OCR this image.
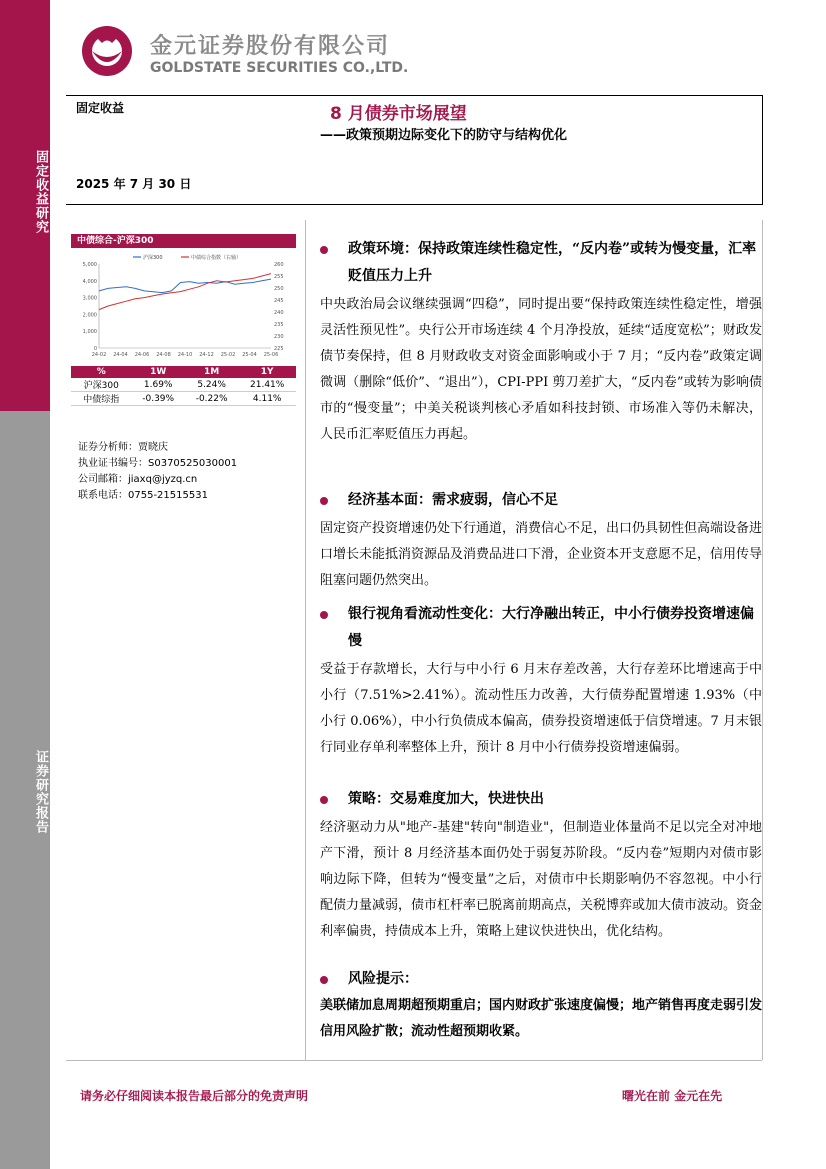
固定收益研究
证券研究报告
金元证券股份有限公司
GOLDSTATE SECURITIES CO.,LTD.
固定收益
2025 年 7 月 30 日
8 月债券市场展望
——政策预期边际变化下的防守与结构优化
中债综合-沪深300
5,000
4,000
3,000
2,000
1,000
0
260
255
250
245
240
235
230
225
24-02 24-04 24-06 24-08 24-10 24-12 25-02 25-04 25-06
沪深300	中债综合指数（右轴）
%	1W	1M	1Y
沪深300	1.69%	5.24%	21.41%
中债综指	-0.39%	-0.22%	4.11%
证券分析师：贾晓庆
执业证书编号：S0370525030001
公司邮箱：jiaxq@jyzq.cn
联系电话：0755-21515531
政策环境：保持政策连续性稳定性，“反内卷”或转为慢变量，汇率贬值压力上升
中央政治局会议继续强调“四稳”，同时提出要“保持政策连续性稳定性，增强灵活性预见性”。央行公开市场连续 4 个月净投放，延续“适度宽松”；财政发债节奏保持，但 8 月财政收支对资金面影响或小于 7 月；“反内卷”政策定调微调（删除“低价”、“退出”），CPI-PPI 剪刀差扩大，“反内卷”或转为影响债市的“慢变量”；中美关税谈判核心矛盾如科技封锁、市场准入等仍未解决，人民币汇率贬值压力再起。
经济基本面：需求疲弱，信心不足
固定资产投资增速仍处下行通道，消费信心不足，出口仍具韧性但高端设备进口增长未能抵消资源品及消费品进口下滑，企业资本开支意愿不足，信用传导阻塞问题仍然突出。
银行视角看流动性变化：大行净融出转正，中小行债券投资增速偏慢
受益于存款增长，大行与中小行 6 月末存差改善，大行存差环比增速高于中小行（7.51%>2.41%）。流动性压力改善，大行债券配置增速 1.93%（中小行 0.06%），中小行负债成本偏高，债券投资增速低于信贷增速。7 月末银行同业存单利率整体上升，预计 8 月中小行债券投资增速偏弱。
策略：交易难度加大，快进快出
经济驱动力从"地产-基建"转向"制造业"，但制造业体量尚不足以完全对冲地产下滑，预计 8 月经济基本面仍处于弱复苏阶段。“反内卷”短期内对债市影响边际下降，但转为“慢变量”之后，对债市中长期影响仍不容忽视。中小行配债力量减弱，债市杠杆率已脱离前期高点，关税博弈或加大债市波动。资金利率偏贵，持债成本上升，策略上建议快进快出，优化结构。
风险提示：
美联储加息周期超预期重启；国内财政扩张速度偏慢；地产销售再度走弱引发信用风险扩散；流动性超预期收紧。
请务必仔细阅读本报告最后部分的免责声明	曙光在前 金元在先
